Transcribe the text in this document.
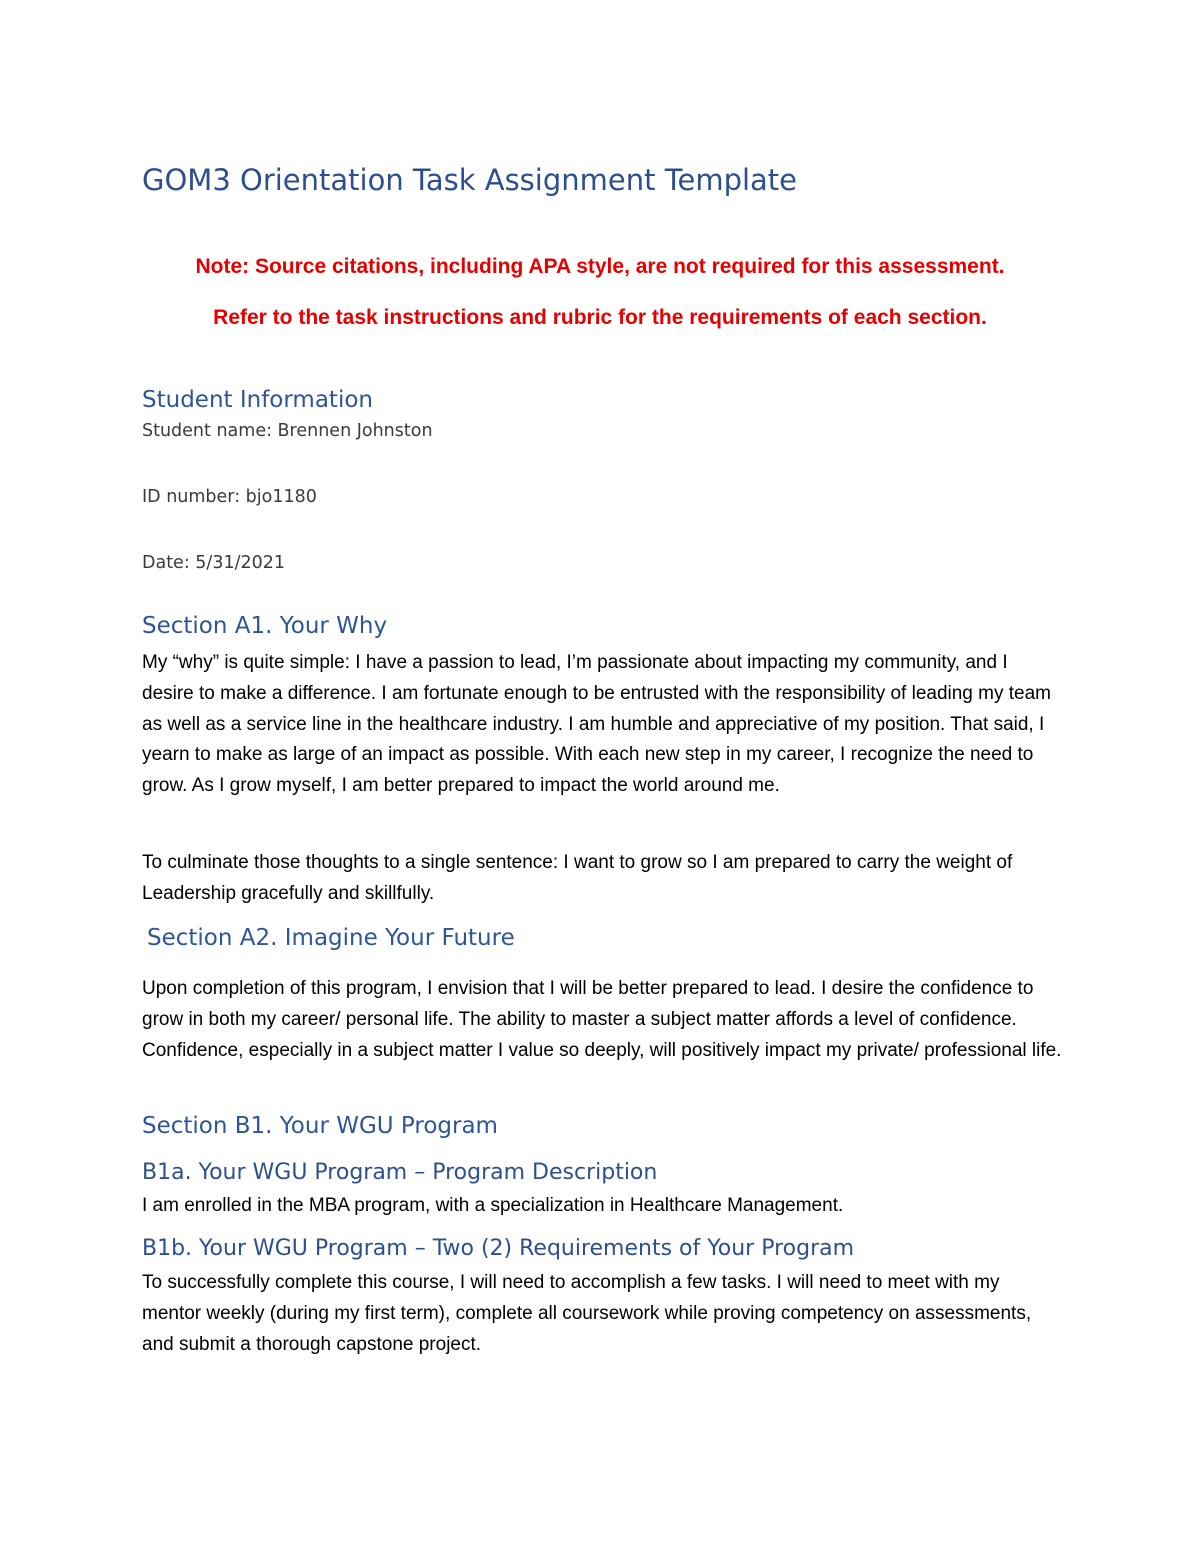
GOM3 Orientation Task Assignment Template

Note: Source citations, including APA style, are not required for this assessment.

Refer to the task instructions and rubric for the requirements of each section.

Student Information

Student name: Brennen Johnston

ID number: bjo1180

Date: 5/31/2021

Section A1. Your Why

My “why” is quite simple: I have a passion to lead, I’m passionate about impacting my community, and I desire to make a difference. I am fortunate enough to be entrusted with the responsibility of leading my team as well as a service line in the healthcare industry. I am humble and appreciative of my position. That said, I yearn to make as large of an impact as possible. With each new step in my career, I recognize the need to grow. As I grow myself, I am better prepared to impact the world around me.

To culminate those thoughts to a single sentence: I want to grow so I am prepared to carry the weight of Leadership gracefully and skillfully.

Section A2. Imagine Your Future

Upon completion of this program, I envision that I will be better prepared to lead. I desire the confidence to grow in both my career/ personal life. The ability to master a subject matter affords a level of confidence. Confidence, especially in a subject matter I value so deeply, will positively impact my private/ professional life.

Section B1. Your WGU Program
B1a. Your WGU Program – Program Description

I am enrolled in the MBA program, with a specialization in Healthcare Management.

B1b. Your WGU Program – Two (2) Requirements of Your Program

To successfully complete this course, I will need to accomplish a few tasks. I will need to meet with my mentor weekly (during my first term), complete all coursework while proving competency on assessments, and submit a thorough capstone project.
